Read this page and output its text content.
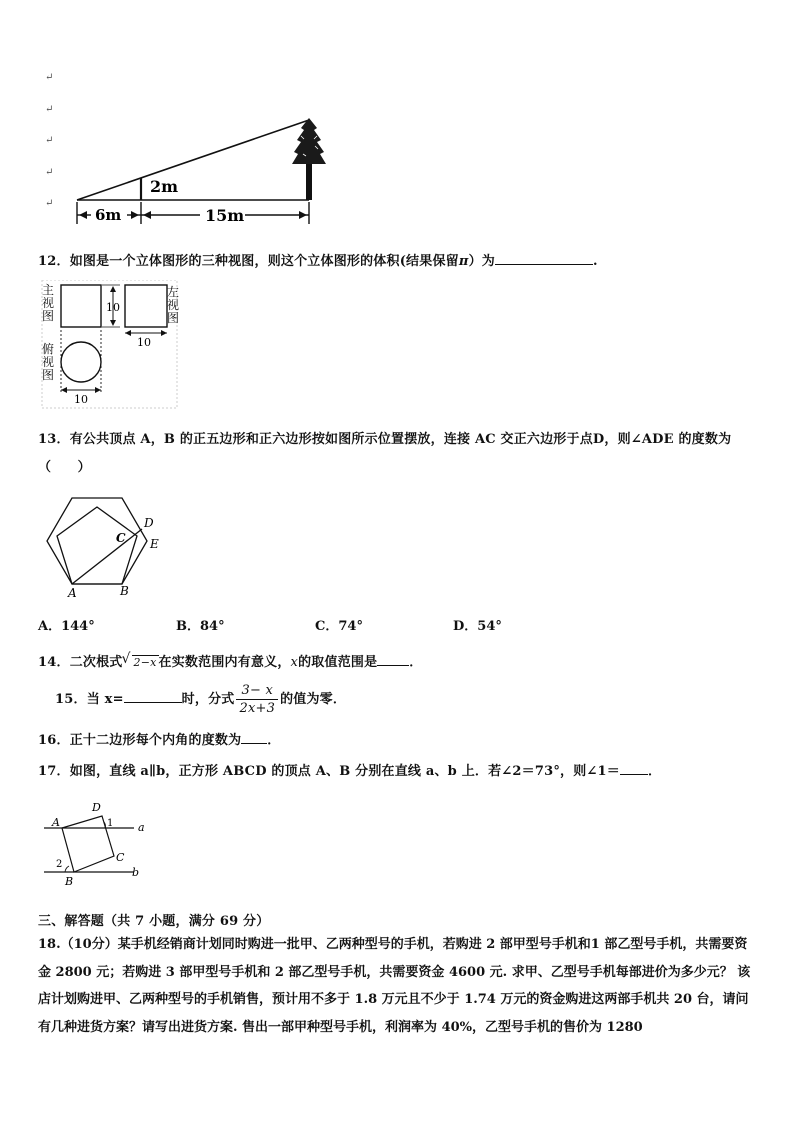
↵
↵
↵
↵
↵
2m
6m	15m
12．如图是一个立体图形的三种视图，则这个立体图形的体积(结果保留π）为	.
10
10
10
主视图
左视图
俯视图
13．有公共顶点 A，B 的正五边形和正六边形按如图所示位置摆放，连接 AC 交正六边形于点D，则∠ADE 的度数为
（　　）
A	B
C
D
E
A．144°	B．84°	C．74°	D．54°
14．二次根式√ 2−x 在实数范围内有意义，x的取值范围是 ．
15．当 x=	时，分式 $\frac{3- x}{2x+3}$ 的值为零．
16．正十二边形每个内角的度数为 ．
17．如图，直线 a∥b，正方形 ABCD 的顶点 A、B 分别在直线 a、b 上．若∠2＝73°，则∠1＝ ．
A
D
C
B
a
b
1
2
三、解答题（共 7 小题，满分 69 分）
18.（10分）某手机经销商计划同时购进一批甲、乙两种型号的手机，若购进 2 部甲型号手机和1 部乙型号手机，共需要资金 2800 元；若购进 3 部甲型号手机和 2 部乙型号手机，共需要资金 4600 元. 求甲、乙型号手机每部进价为多少元？ 该店计划购进甲、乙两种型号的手机销售，预计用不多于 1.8 万元且不少于 1.74 万元的资金购进这两部手机共 20 台，请问有几种进货方案？请写出进货方案. 售出一部甲种型号手机，利润率为 40%，乙型号手机的售价为 1280
